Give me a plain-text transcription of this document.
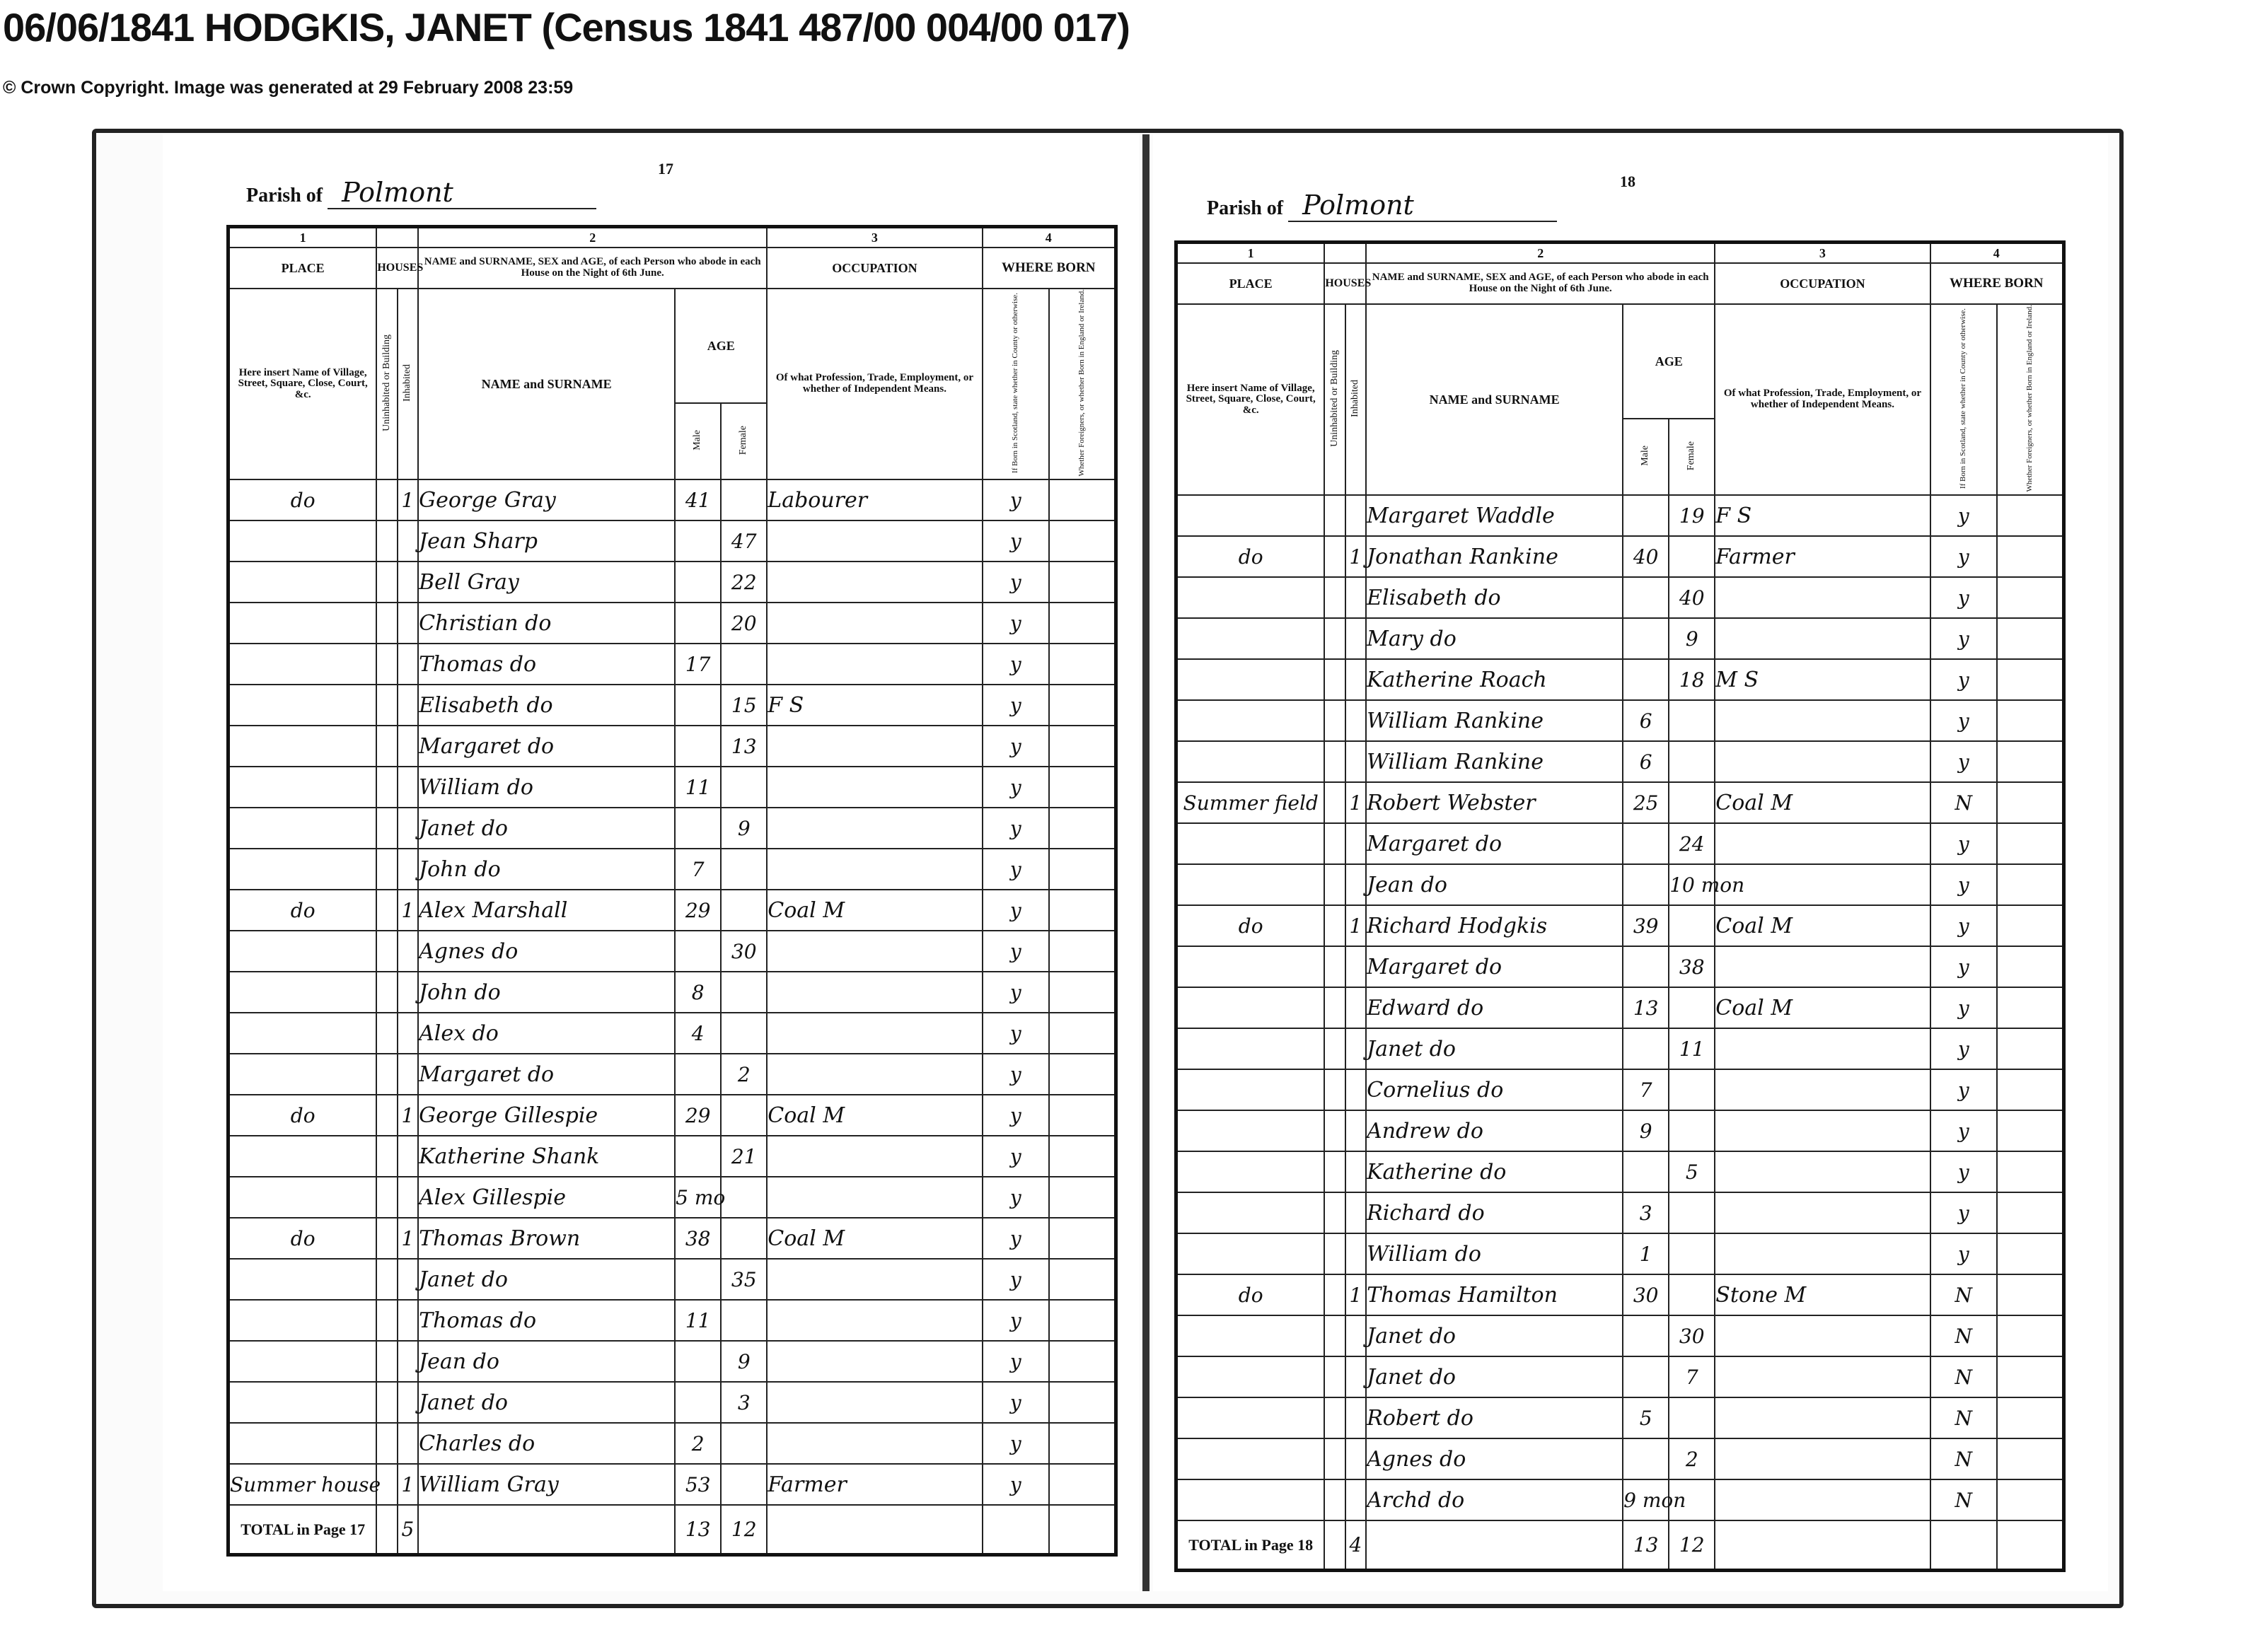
06/06/1841 HODGKIS, JANET (Census 1841 487/00 004/00 017)
© Crown Copyright. Image was generated at 29 February 2008 23:59
Parish of Polmont
17
1			2			3	4	
PLACE	HOUSES		NAME and SURNAME, SEX and AGE, of each Person who abode in each House on the Night of 6th June.			OCCUPATION	WHERE BORN	
Here insert Name of Village, Street, Square, Close, Court, &c.	Uninhabited or Building	Inhabited	NAME and SURNAME	AGE		Of what Profession, Trade, Employment, or whether of Independent Means.	If Born in Scotland, state whether in County or otherwise.	Whether Foreigners, or whether Born in England or Ireland.
				Male	Female			
do		1	George Gray	41		Labourer	y	
			Jean Sharp		47		y	
			Bell Gray		22		y	
			Christian do		20		y	
			Thomas do	17			y	
			Elisabeth do		15	F S	y	
			Margaret do		13		y	
			William do	11			y	
			Janet do		9		y	
			John do	7			y	
do		1	Alex Marshall	29		Coal M	y	
			Agnes do		30		y	
			John do	8			y	
			Alex do	4			y	
			Margaret do		2		y	
do		1	George Gillespie	29		Coal M	y	
			Katherine Shank		21		y	
			Alex Gillespie	5 mo			y	
do		1	Thomas Brown	38		Coal M	y	
			Janet do		35		y	
			Thomas do	11			y	
			Jean do		9		y	
			Janet do		3		y	
			Charles do	2			y	
Summer house		1	William Gray	53		Farmer	y	
TOTAL in Page 17		5		13	12			
Parish of Polmont
18
1			2			3	4	
PLACE	HOUSES		NAME and SURNAME, SEX and AGE, of each Person who abode in each House on the Night of 6th June.			OCCUPATION	WHERE BORN	
Here insert Name of Village, Street, Square, Close, Court, &c.	Uninhabited or Building	Inhabited	NAME and SURNAME	AGE		Of what Profession, Trade, Employment, or whether of Independent Means.	If Born in Scotland, state whether in County or otherwise.	Whether Foreigners, or whether Born in England or Ireland.
				Male	Female			
			Margaret Waddle		19	F S	y	
do		1	Jonathan Rankine	40		Farmer	y	
			Elisabeth do		40		y	
			Mary do		9		y	
			Katherine Roach		18	M S	y	
			William Rankine	6			y	
			William Rankine	6			y	
Summer field		1	Robert Webster	25		Coal M	N	
			Margaret do		24		y	
			Jean do		10 mon		y	
do		1	Richard Hodgkis	39		Coal M	y	
			Margaret do		38		y	
			Edward do	13		Coal M	y	
			Janet do		11		y	
			Cornelius do	7			y	
			Andrew do	9			y	
			Katherine do		5		y	
			Richard do	3			y	
			William do	1			y	
do		1	Thomas Hamilton	30		Stone M	N	
			Janet do		30		N	
			Janet do		7		N	
			Robert do	5			N	
			Agnes do		2		N	
			Archd do	9 mon			N	
TOTAL in Page 18		4		13	12			
